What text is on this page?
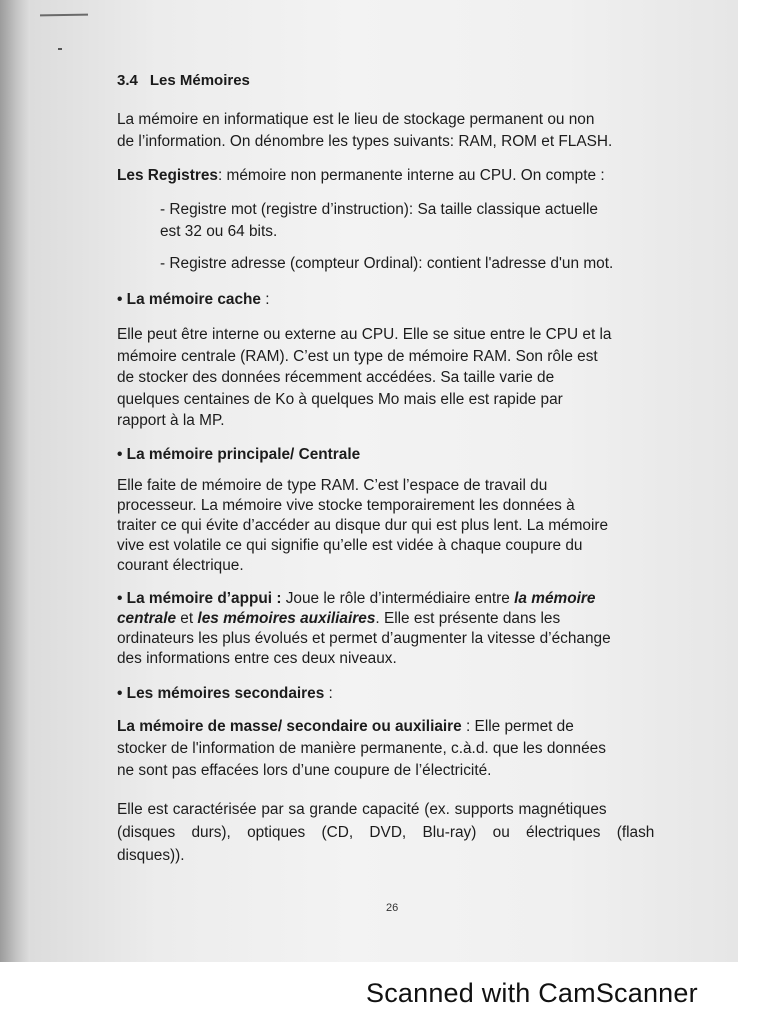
3.4 Les Mémoires
La mémoire en informatique est le lieu de stockage permanent ou non
de l’information. On dénombre les types suivants: RAM, ROM et FLASH.
Les Registres: mémoire non permanente interne au CPU. On compte :
- Registre mot (registre d’instruction): Sa taille classique actuelle
est 32 ou 64 bits.
- Registre adresse (compteur Ordinal): contient l'adresse d'un mot.
• La mémoire cache :
Elle peut être interne ou externe au CPU. Elle se situe entre le CPU et la
mémoire centrale (RAM). C’est un type de mémoire RAM. Son rôle est
de stocker des données récemment accédées. Sa taille varie de
quelques centaines de Ko à quelques Mo mais elle est rapide par
rapport à la MP.
• La mémoire principale/ Centrale
Elle faite de mémoire de type RAM. C’est l’espace de travail du
processeur. La mémoire vive stocke temporairement les données à
traiter ce qui évite d’accéder au disque dur qui est plus lent. La mémoire
vive est volatile ce qui signifie qu’elle est vidée à chaque coupure du
courant électrique.
• La mémoire d’appui : Joue le rôle d’intermédiaire entre la mémoire
centrale et les mémoires auxiliaires. Elle est présente dans les
ordinateurs les plus évolués et permet d’augmenter la vitesse d’échange
des informations entre ces deux niveaux.
• Les mémoires secondaires :
La mémoire de masse/ secondaire ou auxiliaire : Elle permet de
stocker de l'information de manière permanente, c.à.d. que les données
ne sont pas effacées lors d’une coupure de l’électricité.
Elle est caractérisée par sa grande capacité (ex. supports magnétiques
(disques durs), optiques (CD, DVD, Blu-ray) ou électriques (flash
disques)).
26
Scanned with CamScanner
